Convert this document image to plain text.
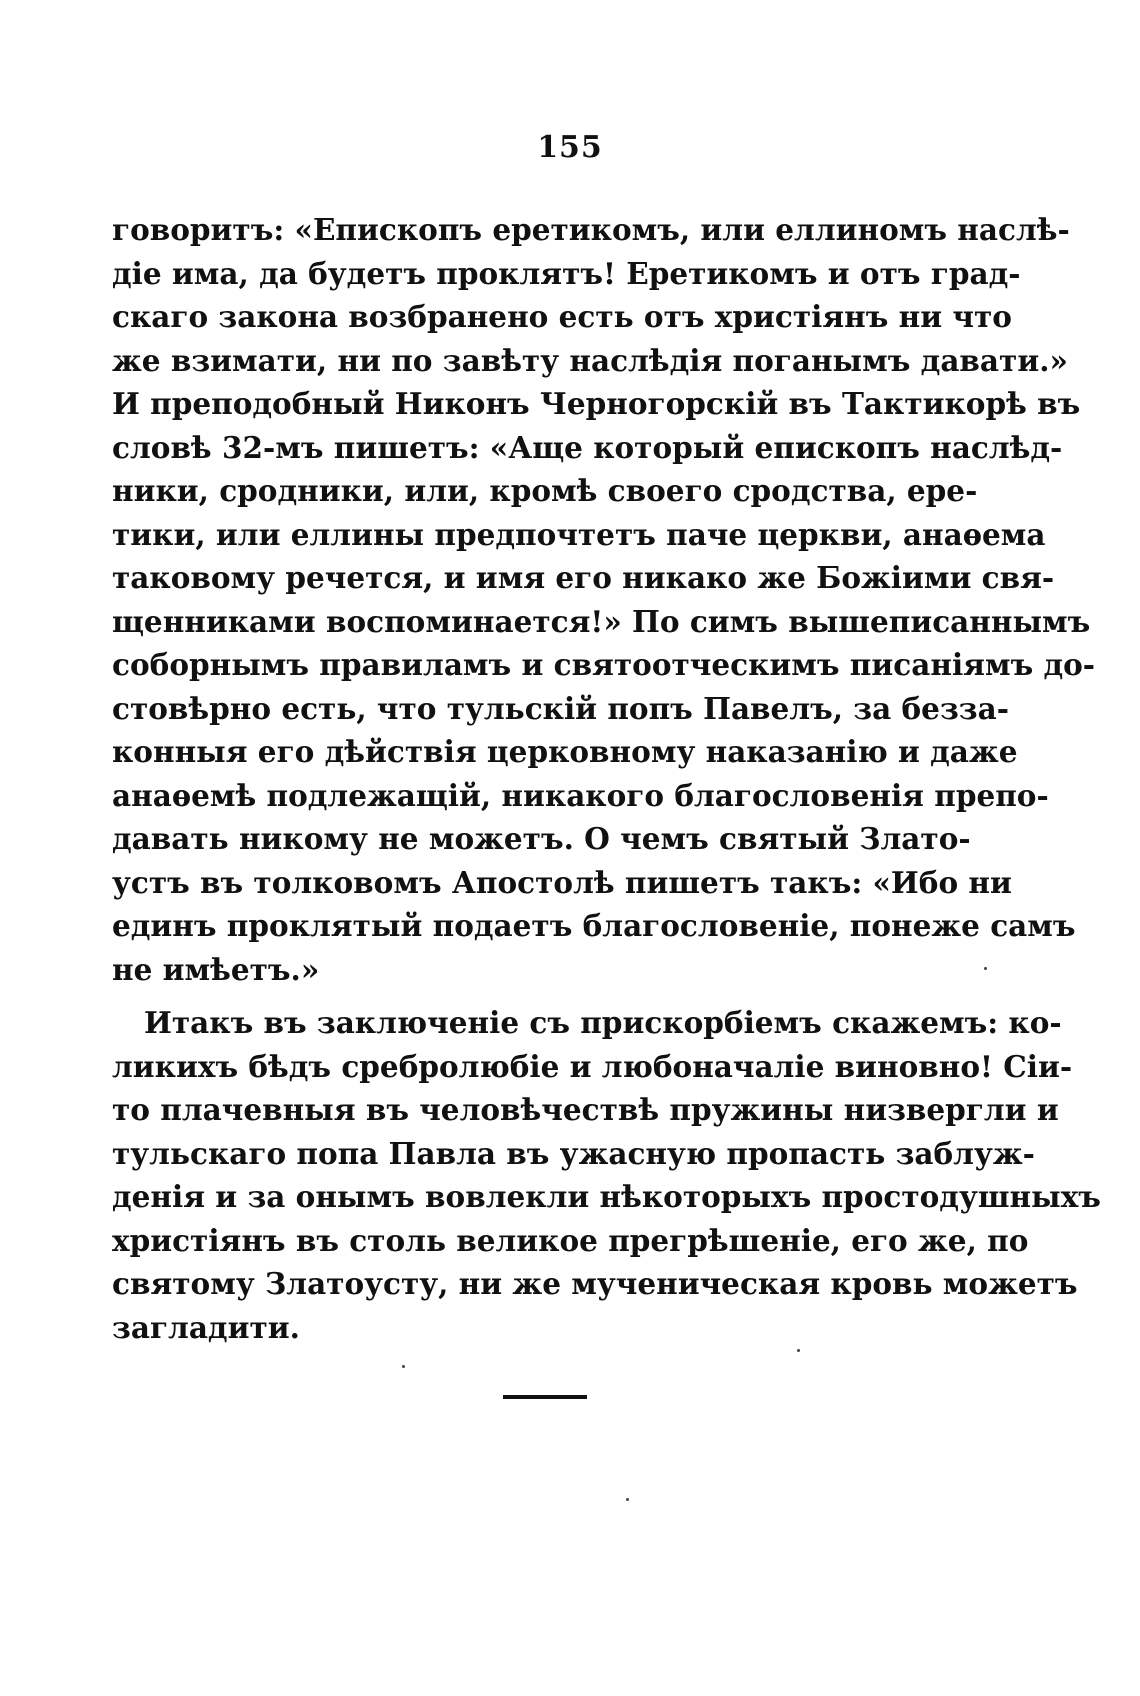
155
говоритъ: «Епископъ еретикомъ, или еллиномъ наслѣ-
діе има, да будетъ проклятъ! Еретикомъ и отъ град-
скаго закона возбранено есть отъ христіянъ ни что
же взимати, ни по завѣту наслѣдія поганымъ давати.»
И преподобный Никонъ Черногорскій въ Тактикорѣ въ
словѣ 32-мъ пишетъ: «Аще который епископъ наслѣд-
ники, сродники, или, кромѣ своего сродства, ере-
тики, или еллины предпочтетъ паче церкви, анаѳема
таковому речется, и имя его никако же Божіими свя-
щенниками воспоминается!» По симъ вышеписаннымъ
соборнымъ правиламъ и святоотческимъ писаніямъ до-
стовѣрно есть, что тульскій попъ Павелъ, за безза-
конныя его дѣйствія церковному наказанію и даже
анаѳемѣ подлежащій, никакого благословенія препо-
давать никому не можетъ. О чемъ святый Злато-
устъ въ толковомъ Апостолѣ пишетъ такъ: «Ибо ни
единъ проклятый подаетъ благословеніе, понеже самъ
не имѣетъ.»
Итакъ въ заключеніе съ прискорбіемъ скажемъ: ко-
ликихъ бѣдъ сребролюбіе и любоначаліе виновно! Сіи-
то плачевныя въ человѣчествѣ пружины низвергли и
тульскаго попа Павла въ ужасную пропасть заблуж-
денія и за онымъ вовлекли нѣкоторыхъ простодушныхъ
христіянъ въ столь великое прегрѣшеніе, его же, по
святому Златоусту, ни же мученическая кровь можетъ
загладити.
